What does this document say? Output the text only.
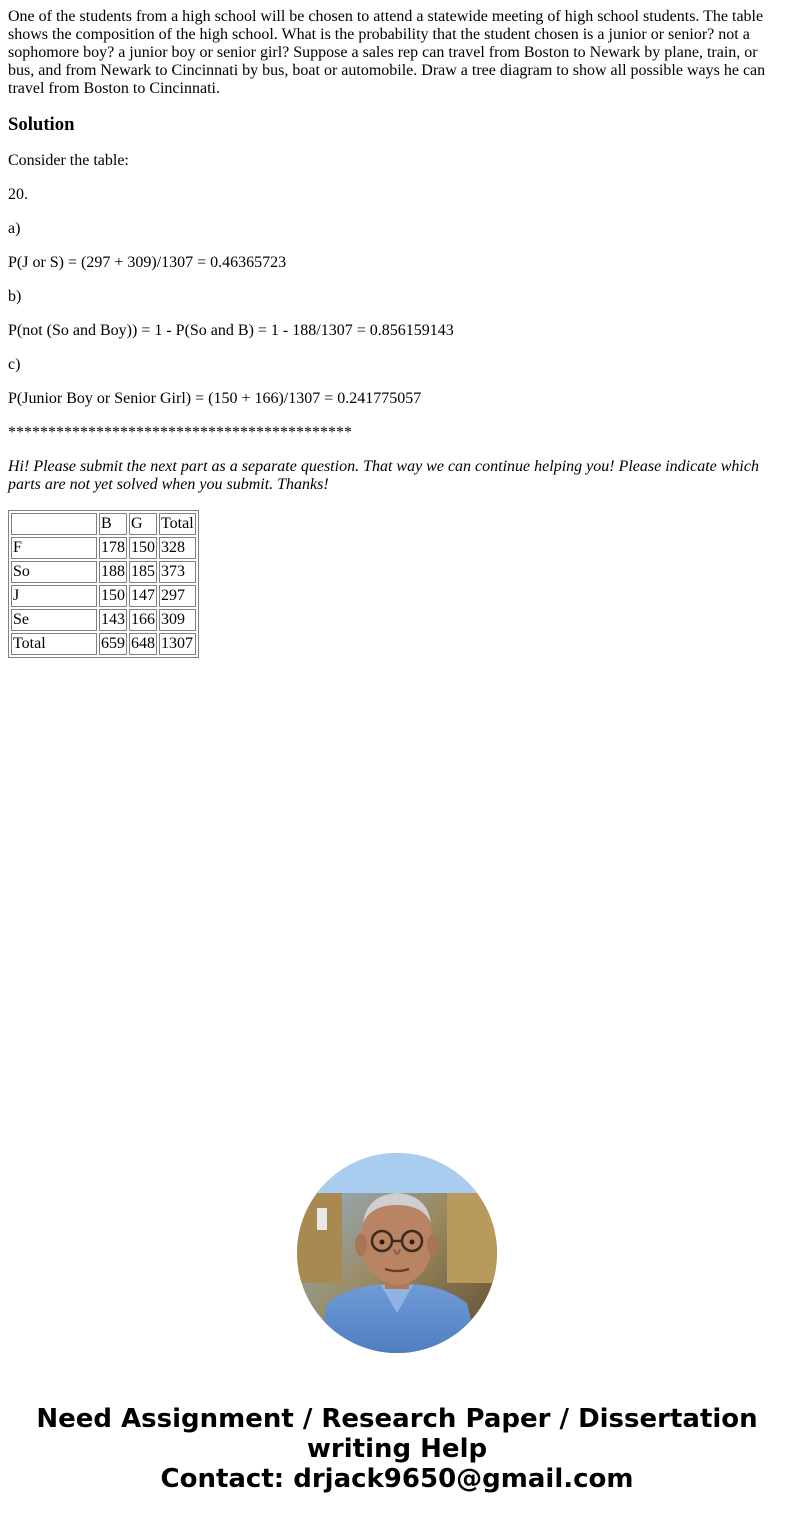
One of the students from a high school will be chosen to attend a statewide meeting of high school students. The table shows the composition of the high school. What is the probability that the student chosen is a junior or senior? not a sophomore boy? a junior boy or senior girl? Suppose a sales rep can travel from Boston to Newark by plane, train, or bus, and from Newark to Cincinnati by bus, boat or automobile. Draw a tree diagram to show all possible ways he can travel from Boston to Cincinnati.
Solution

Consider the table:

20.

a)

P(J or S) = (297 + 309)/1307 = 0.46365723

b)

P(not (So and Boy)) = 1 - P(So and B) = 1 - 188/1307 = 0.856159143

c)

P(Junior Boy or Senior Girl) = (150 + 166)/1307 = 0.241775057

*******************************************

Hi! Please submit the next part as a separate question. That way we can continue helping you! Please indicate which parts are not yet solved when you submit. Thanks!

	B	G	Total
F	178	150	328
So	188	185	373
J	150	147	297
Se	143	166	309
Total	659	648	1307
Need Assignment / Research Paper / Dissertation
writing Help
Contact: drjack9650@gmail.com
